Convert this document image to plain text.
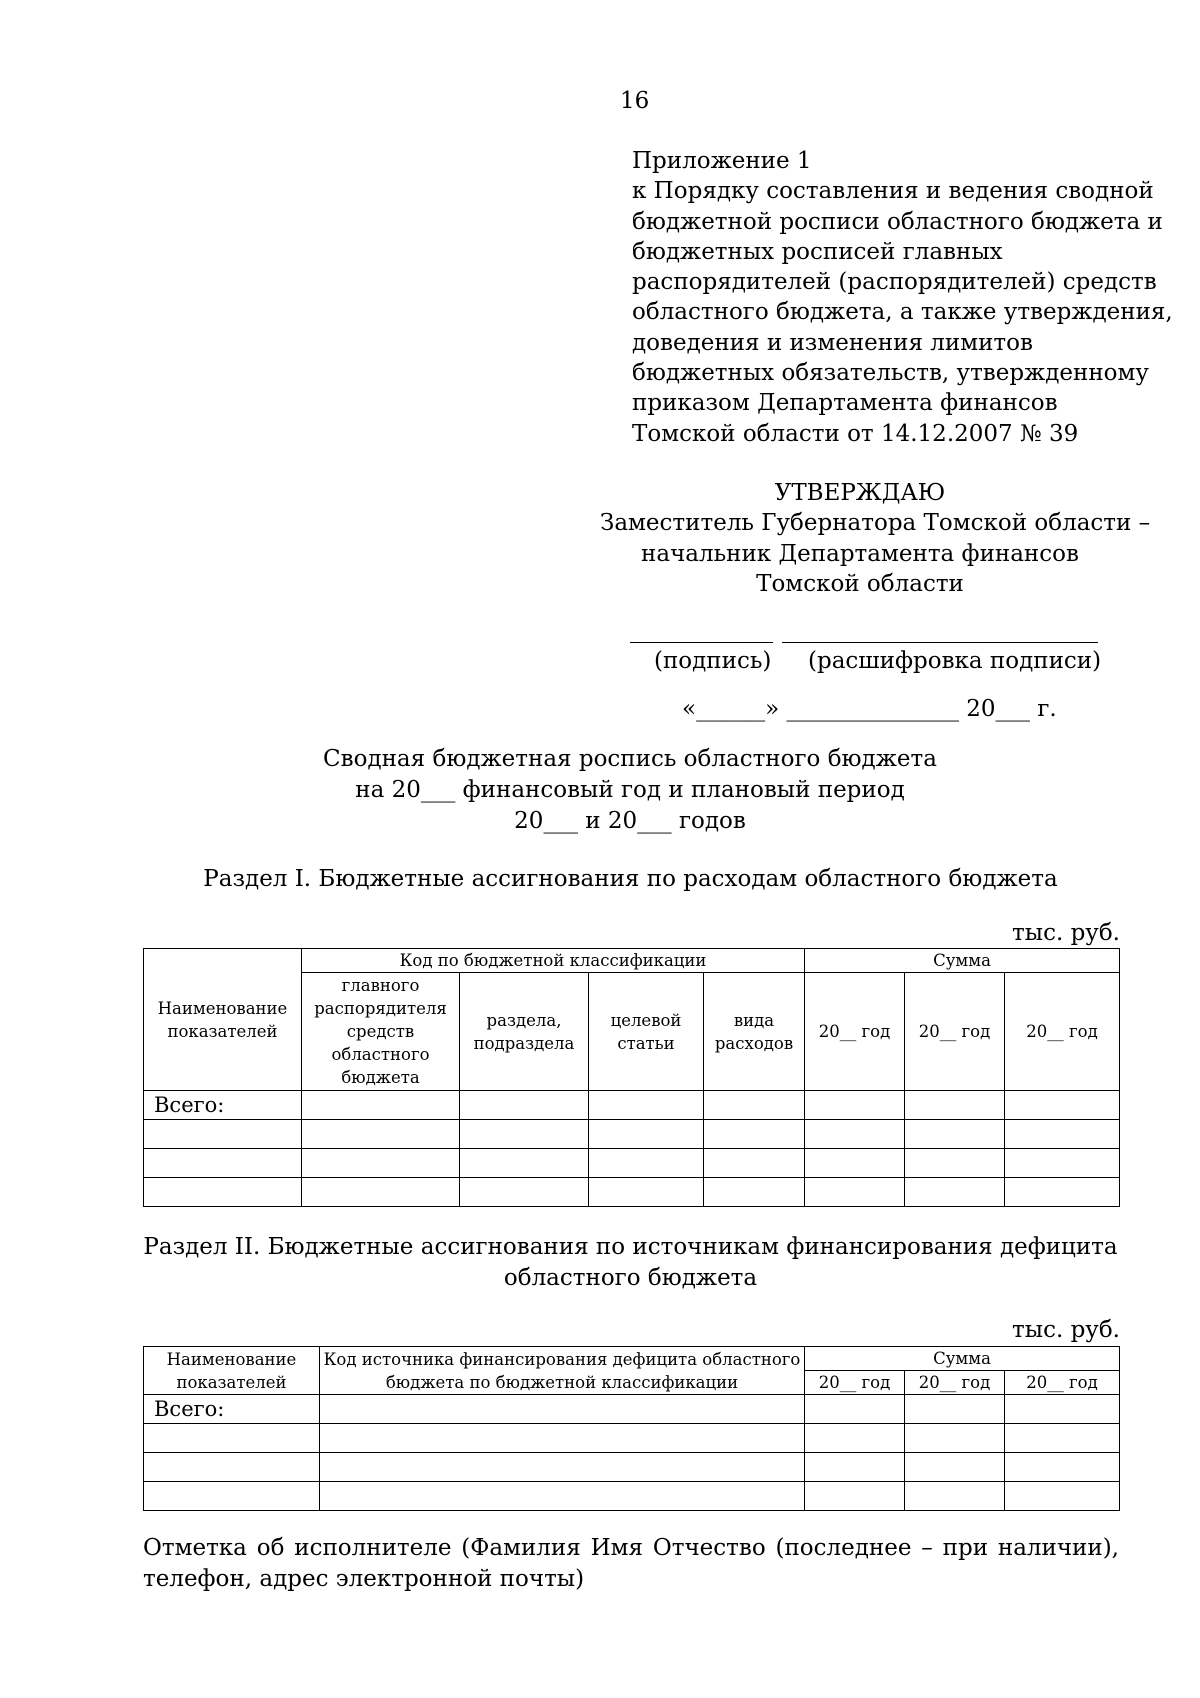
16
Приложение 1
к Порядку составления и ведения сводной
бюджетной росписи областного бюджета и
бюджетных росписей главных
распорядителей (распорядителей) средств
областного бюджета, а также утверждения,
доведения и изменения лимитов
бюджетных обязательств, утвержденному
приказом Департамента финансов
Томской области от 14.12.2007 № 39
УТВЕРЖДАЮ
Заместитель Губернатора Томской области –
начальник Департамента финансов
Томской области
(подпись) (расшифровка подписи)
«______» _______________ 20___ г.
Сводная бюджетная роспись областного бюджета
на 20___ финансовый год и плановый период
20___ и 20___ годов
Раздел I. Бюджетные ассигнования по расходам областного бюджета
тыс. руб.
Наименование показателей	Код по бюджетной классификации				Сумма		
	главного распорядителя средств областного бюджета	раздела, подраздела	целевой статьи	вида расходов	20__ год	20__ год	20__ год
Всего:							

Раздел II. Бюджетные ассигнования по источникам финансирования дефицита
областного бюджета
тыс. руб.
Наименование показателей	Код источника финансирования дефицита областного бюджета по бюджетной классификации	Сумма		
		20__ год	20__ год	20__ год
Всего:				

Отметка об исполнителе (Фамилия Имя Отчество (последнее – при наличии), телефон, адрес электронной почты)
